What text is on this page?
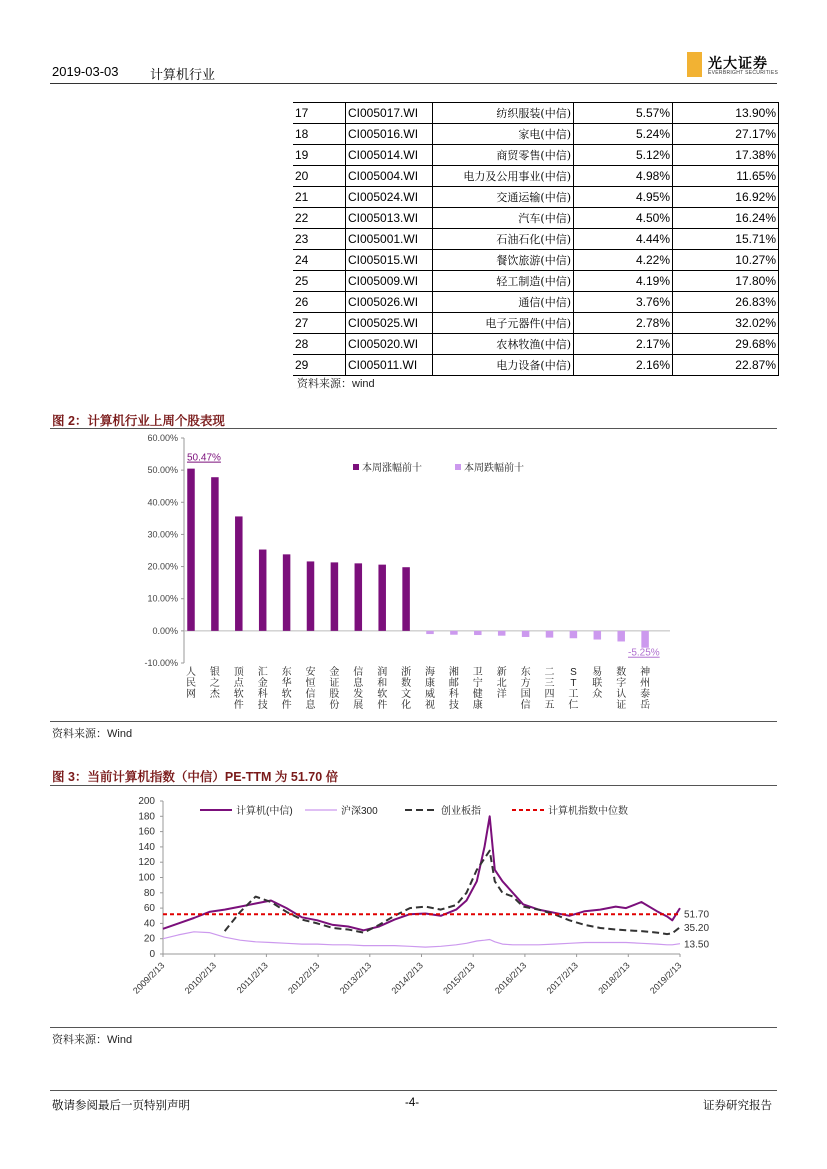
2019-03-03 计算机行业
光大证券
EVERBRIGHT SECURITIES
17	CI005017.WI	纺织服装(中信)	5.57%	13.90%
18	CI005016.WI	家电(中信)	5.24%	27.17%
19	CI005014.WI	商贸零售(中信)	5.12%	17.38%
20	CI005004.WI	电力及公用事业(中信)	4.98%	11.65%
21	CI005024.WI	交通运输(中信)	4.95%	16.92%
22	CI005013.WI	汽车(中信)	4.50%	16.24%
23	CI005001.WI	石油石化(中信)	4.44%	15.71%
24	CI005015.WI	餐饮旅游(中信)	4.22%	10.27%
25	CI005009.WI	轻工制造(中信)	4.19%	17.80%
26	CI005026.WI	通信(中信)	3.76%	26.83%
27	CI005025.WI	电子元器件(中信)	2.78%	32.02%
28	CI005020.WI	农林牧渔(中信)	2.17%	29.68%
29	CI005011.WI	电力设备(中信)	2.16%	22.87%
资料来源：wind
图 2：计算机行业上周个股表现
60.00%
50.00%
40.00%
30.00%
20.00%
10.00%
0.00%
-10.00%
人民网
银之杰
顶点软件
汇金科技
东华软件
安恒信息
金证股份
信息发展
润和软件
浙数文化
海康威视
湘邮科技
卫宁健康
新北洋
东方国信
二三四五
S T 工仁
易联众
数字认证
神州泰岳
50.47%
-5.25%
本周涨幅前十	本周跌幅前十
资料来源：Wind
图 3：当前计算机指数（中信）PE-TTM 为 51.70 倍
200
180
160
140
120
100
80
60
40
20
0
2009/2/13 2010/2/13 2011/2/13 2012/2/13 2013/2/13 2014/2/13 2015/2/13 2016/2/13 2017/2/13 2018/2/13 2019/2/13
计算机(中信)	沪深300	创业板指	计算机指数中位数
51.70
35.20
13.50
资料来源：Wind
敬请参阅最后一页特别声明	-4-	证券研究报告
